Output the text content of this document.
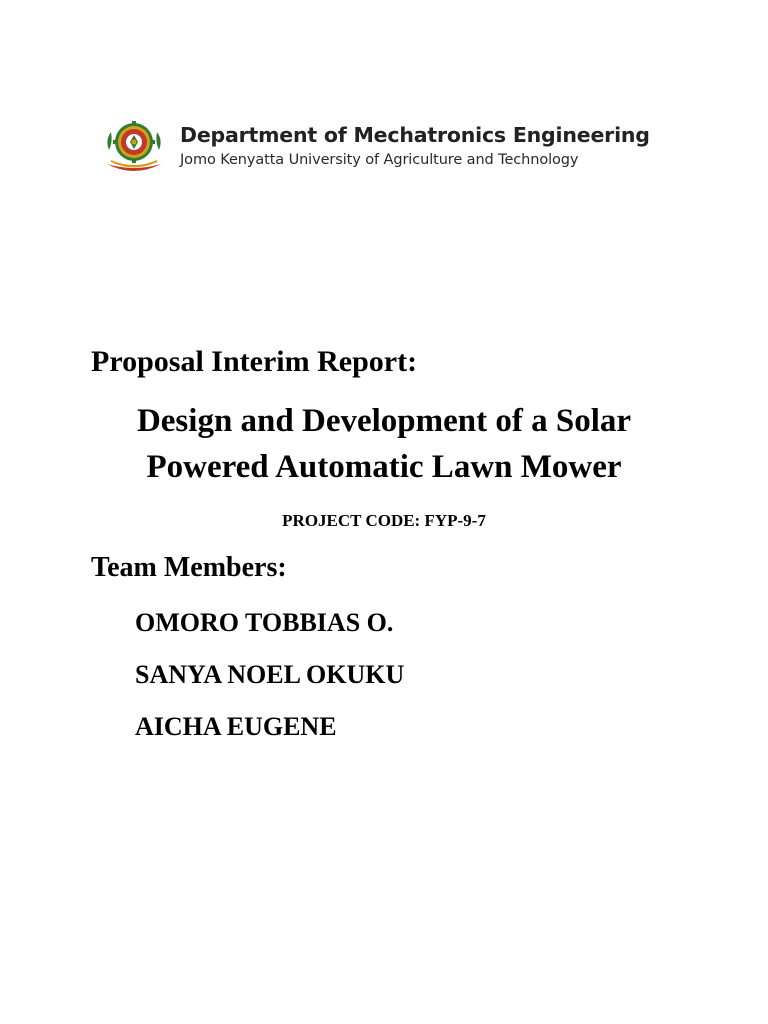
Department of Mechatronics Engineering
Jomo Kenyatta University of Agriculture and Technology
Proposal Interim Report:
Design and Development of a Solar
Powered Automatic Lawn Mower
PROJECT CODE: FYP-9-7
Team Members:
OMORO TOBBIAS O.
SANYA NOEL OKUKU
AICHA EUGENE
